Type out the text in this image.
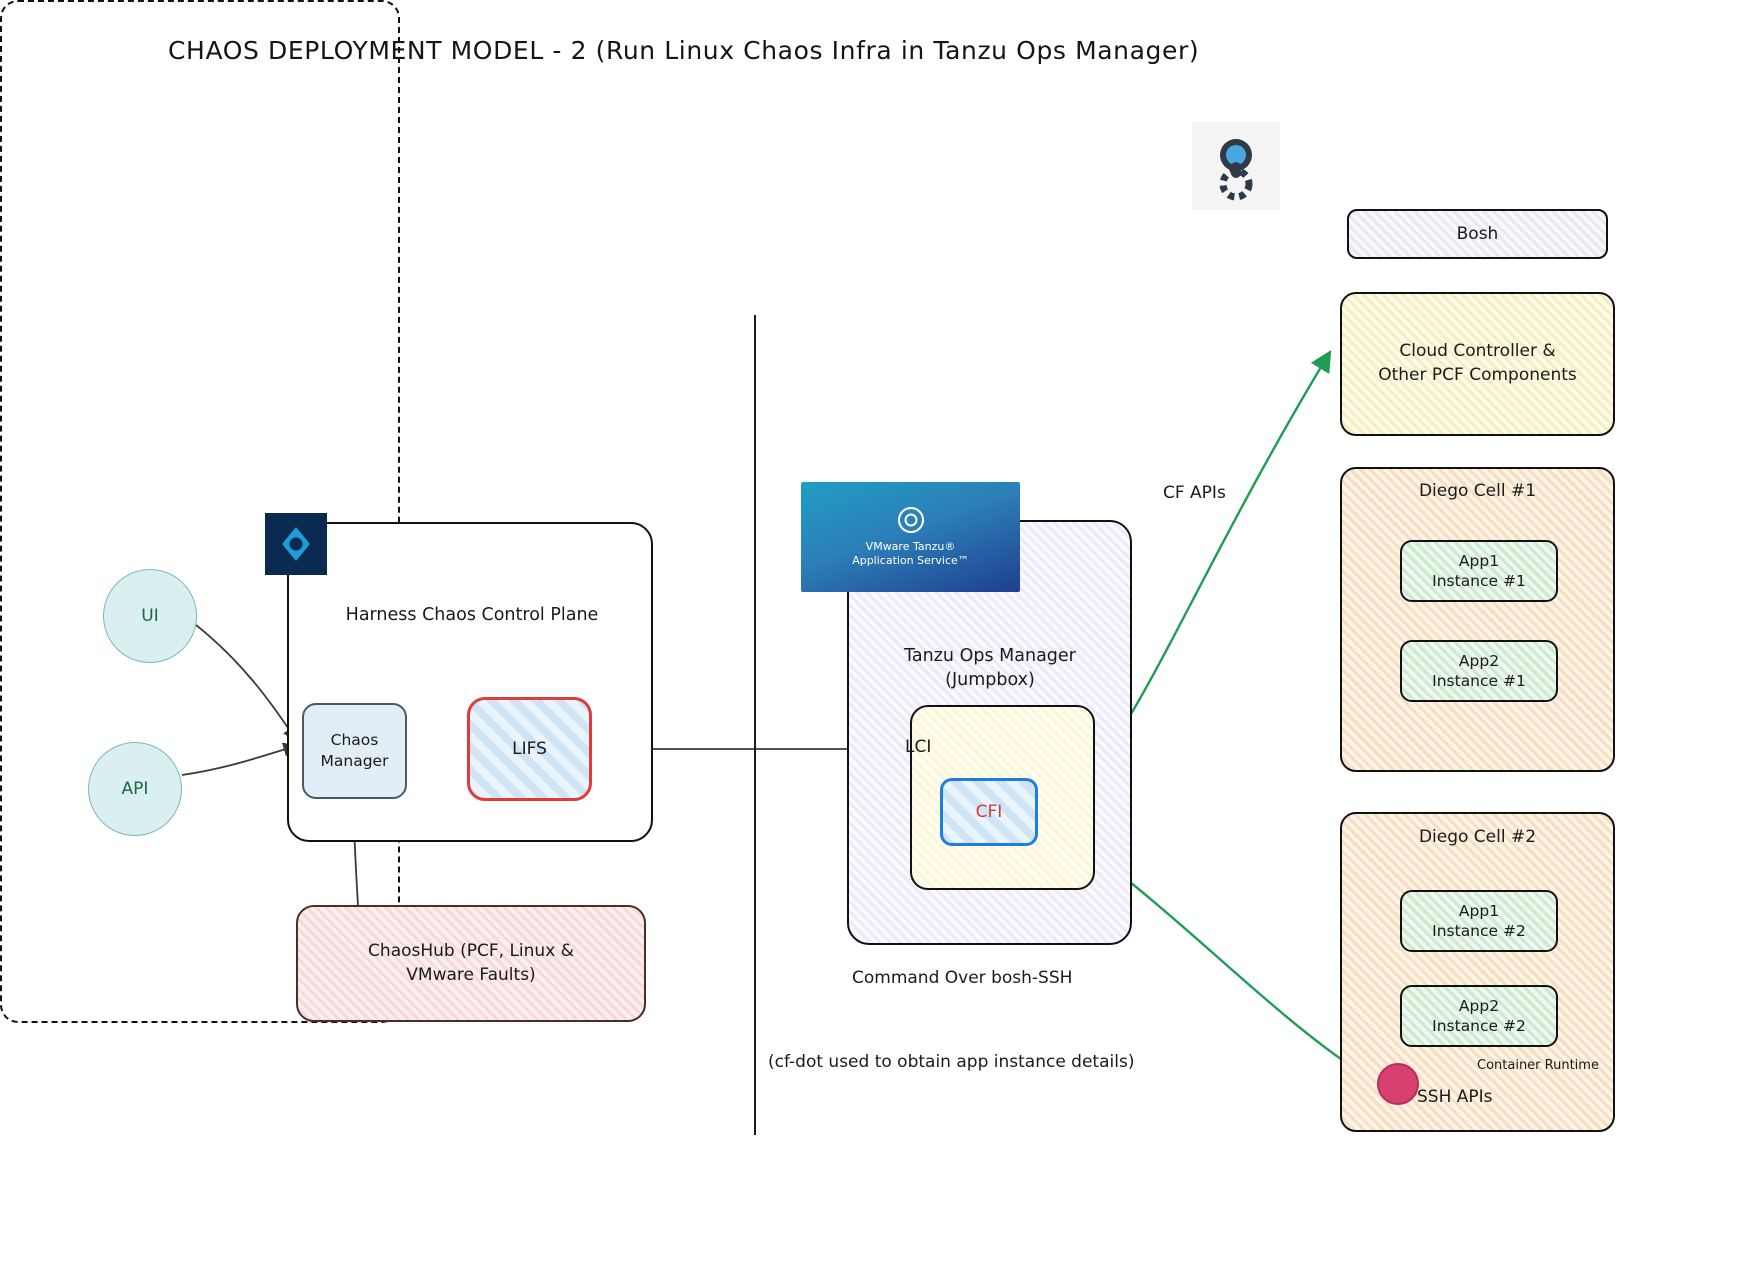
CHAOS DEPLOYMENT MODEL - 2 (Run Linux Chaos Infra in Tanzu Ops Manager)
UI
API
Harness Chaos Control Plane
Chaos
Manager
LIFS
ChaosHub (PCF, Linux &
VMware Faults)
Tanzu Ops Manager
(Jumpbox)
VMware Tanzu®
Application Service™
LCI
CFI
Command Over bosh-SSH
(cf-dot used to obtain app instance details)
Bosh
Cloud Controller &
Other PCF Components
Diego Cell #1
Diego Cell #2
App1
Instance #1
App2
Instance #1
App1
Instance #2
App2
Instance #2
SSH APIs
Container Runtime
CF APIs
